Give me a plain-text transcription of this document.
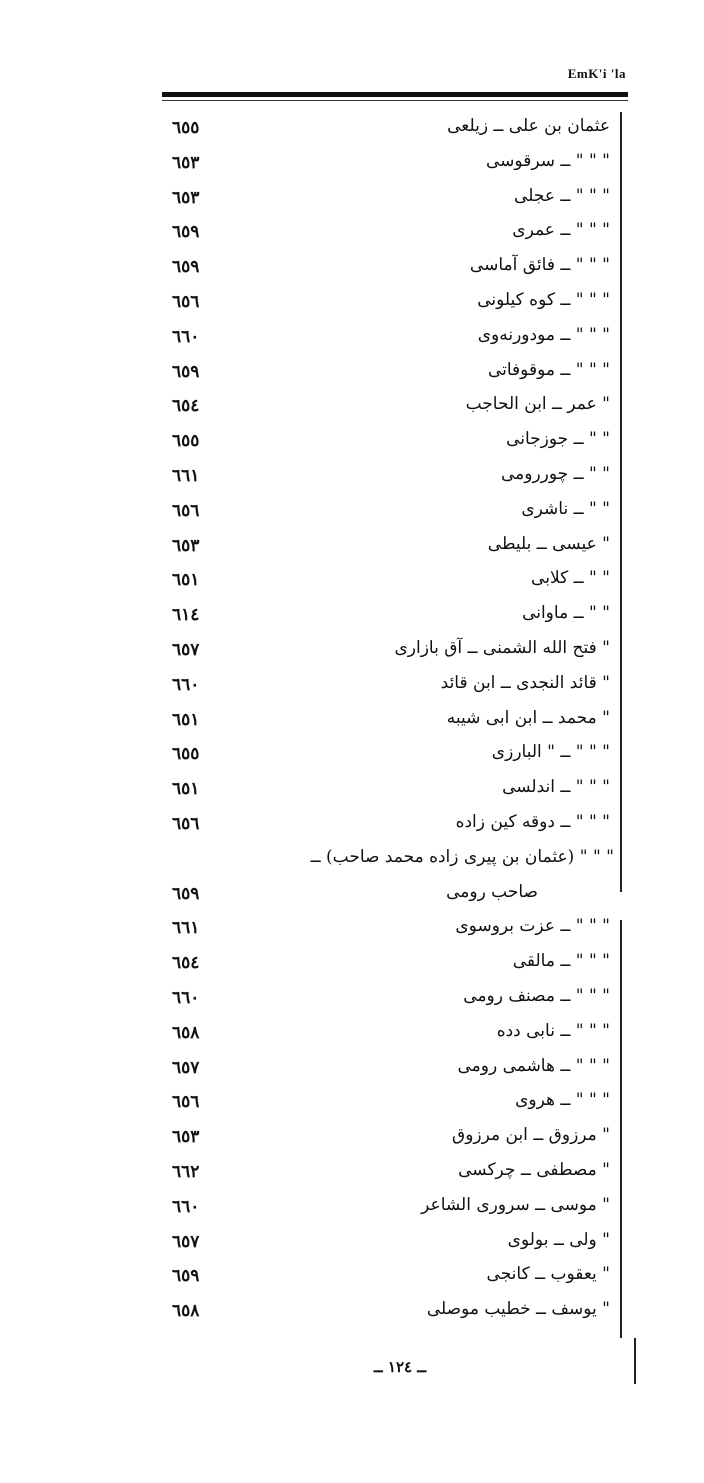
EmK'i 'la
٦٥٥	عثمان بن على ــ زيلعى
٦٥٣	" " " ــ سرقوسى
٦٥٣	" " " ــ عجلى
٦٥٩	" " " ــ عمرى
٦٥٩	" " " ــ فائق آماسى
٦٥٦	" " " ــ كوه كيلونى
٦٦٠	" " " ــ مودورنەوى
٦٥٩	" " " ــ موقوفاتى
٦٥٤	" عمر ــ ابن الحاجب
٦٥٥	" " ــ جوزجانى
٦٦١	" " ــ چوررومى
٦٥٦	" " ــ ناشرى
٦٥٣	" عيسى ــ بليطى
٦٥١	" " ــ كلابى
٦١٤	" " ــ ماوانى
٦٥٧	" فتح الله الشمنى ــ آق بازارى
٦٦٠	" قائد النجدى ــ ابن قائد
٦٥١	" محمد ــ ابن ابى شيبه
٦٥٥	" " " ــ " البارزى
٦٥١	" " " ــ اندلسى
٦٥٦	" " " ــ دوقه كين زاده
" " " (عثمان بن پيرى زاده محمد صاحب) ــ
٦٥٩	صاحب رومى
٦٦١	" " " ــ عزت بروسوى
٦٥٤	" " " ــ مالقى
٦٦٠	" " " ــ مصنف رومى
٦٥٨	" " " ــ نابى دده
٦٥٧	" " " ــ هاشمى رومى
٦٥٦	" " " ــ هروى
٦٥٣	" مرزوق ــ ابن مرزوق
٦٦٢	" مصطفى ــ چركسى
٦٦٠	" موسى ــ سرورى الشاعر
٦٥٧	" ولى ــ بولوى
٦٥٩	" يعقوب ــ كانجى
٦٥٨	" يوسف ــ خطيب موصلى
ــ ١٢٤ ــ
